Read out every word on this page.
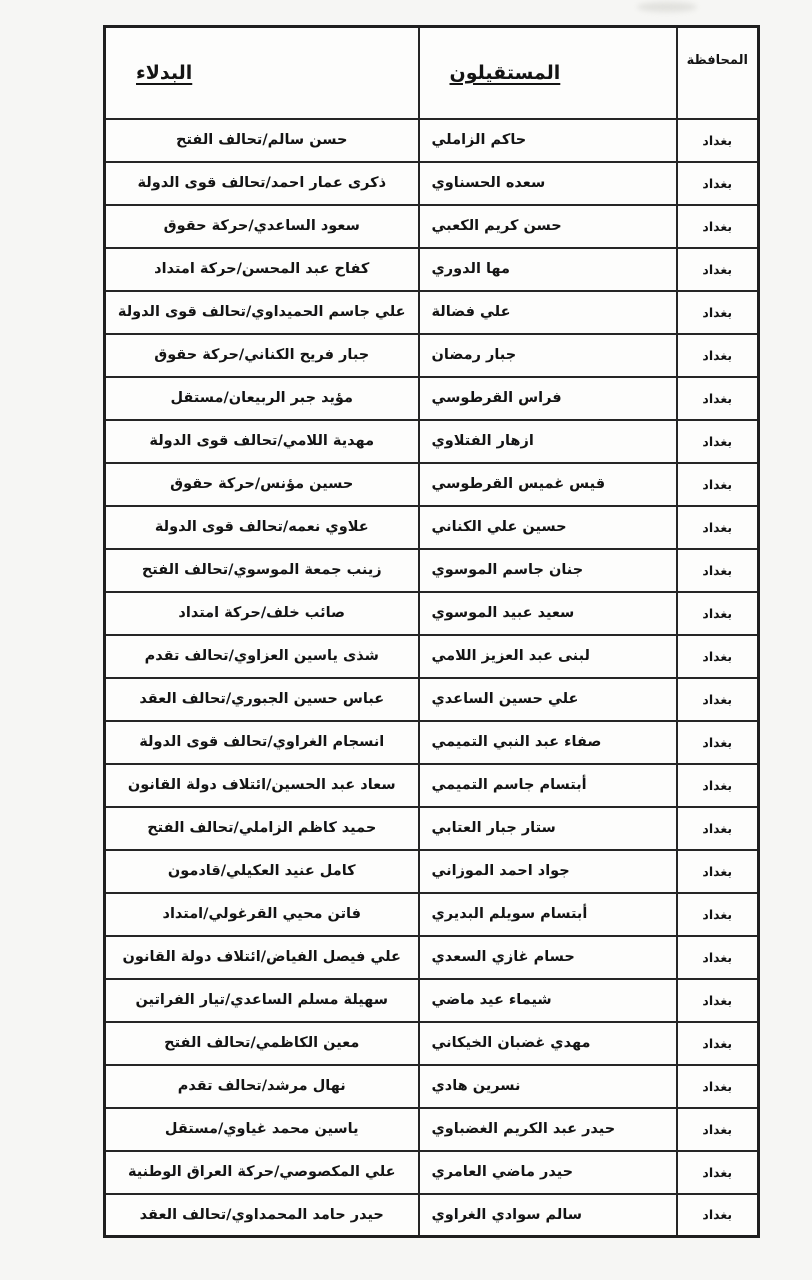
المحافظة	المستقيلون	البدلاء

بغداد	حاكم الزاملي	حسن سالم/تحالف الفتح
بغداد	سعده الحسناوي	ذكرى عمار احمد/تحالف قوى الدولة
بغداد	حسن كريم الكعبي	سعود الساعدي/حركة حقوق
بغداد	مها الدوري	كفاح عبد المحسن/حركة امتداد
بغداد	علي فضالة	علي جاسم الحميداوي/تحالف قوى الدولة
بغداد	جبار رمضان	جبار فريح الكناني/حركة حقوق
بغداد	فراس القرطوسي	مؤيد جبر الربيعان/مستقل
بغداد	ازهار الفتلاوي	مهدية اللامي/تحالف قوى الدولة
بغداد	قيس غميس القرطوسي	حسين مؤنس/حركة حقوق
بغداد	حسين علي الكناني	علاوي نعمه/تحالف قوى الدولة
بغداد	جنان جاسم الموسوي	زينب جمعة الموسوي/تحالف الفتح
بغداد	سعيد عبيد الموسوي	صائب خلف/حركة امتداد
بغداد	لبنى عبد العزيز اللامي	شذى ياسين العزاوي/تحالف تقدم
بغداد	علي حسين الساعدي	عباس حسين الجبوري/تحالف العقد
بغداد	صفاء عبد النبي التميمي	انسجام الغراوي/تحالف قوى الدولة
بغداد	أبتسام جاسم التميمي	سعاد عبد الحسين/ائتلاف دولة القانون
بغداد	ستار جبار العتابي	حميد كاظم الزاملي/تحالف الفتح
بغداد	جواد احمد الموزاني	كامل عنيد العكيلي/قادمون
بغداد	أبتسام سويلم البديري	فاتن محيي القرغولي/امتداد
بغداد	حسام غازي السعدي	علي فيصل الفياض/ائتلاف دولة القانون
بغداد	شيماء عيد ماضي	سهيلة مسلم الساعدي/تيار الفراتين
بغداد	مهدي غضبان الخيكاني	معين الكاظمي/تحالف الفتح
بغداد	نسرين هادي	نهال مرشد/تحالف تقدم
بغداد	حيدر عبد الكريم الغضباوي	ياسين محمد غياوي/مستقل
بغداد	حيدر ماضي العامري	علي المكصوصي/حركة العراق الوطنية
بغداد	سالم سوادي الغراوي	حيدر حامد المحمداوي/تحالف العقد
